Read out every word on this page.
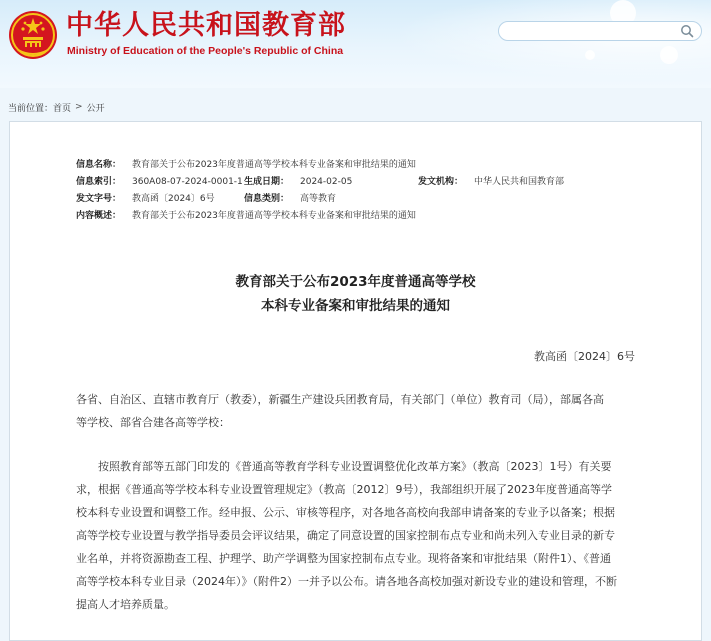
中华人民共和国教育部
Ministry of Education of the People's Republic of China
当前位置： 首页 > 公开
信息名称： 教育部关于公布2023年度普通高等学校本科专业备案和审批结果的通知
信息索引： 360A08-07-2024-0001-1 生成日期： 2024-02-05	发文机构： 中华人民共和国教育部
发文字号： 教高函〔2024〕6号	信息类别： 高等教育
内容概述： 教育部关于公布2023年度普通高等学校本科专业备案和审批结果的通知
教育部关于公布2023年度普通高等学校
本科专业备案和审批结果的通知
教高函〔2024〕6号
各省、自治区、直辖市教育厅（教委），新疆生产建设兵团教育局，有关部门（单位）教育司（局），部属各高
等学校、部省合建各高等学校：
　　按照教育部等五部门印发的《普通高等教育学科专业设置调整优化改革方案》（教高〔2023〕1号）有关要
求，根据《普通高等学校本科专业设置管理规定》（教高〔2012〕9号），我部组织开展了2023年度普通高等学
校本科专业设置和调整工作。经申报、公示、审核等程序，对各地各高校向我部申请备案的专业予以备案；根据
高等学校专业设置与教学指导委员会评议结果，确定了同意设置的国家控制布点专业和尚未列入专业目录的新专
业名单，并将资源勘查工程、护理学、助产学调整为国家控制布点专业。现将备案和审批结果（附件1）、《普通
高等学校本科专业目录（2024年）》（附件2）一并予以公布。请各地各高校加强对新设专业的建设和管理，不断
提高人才培养质量。
